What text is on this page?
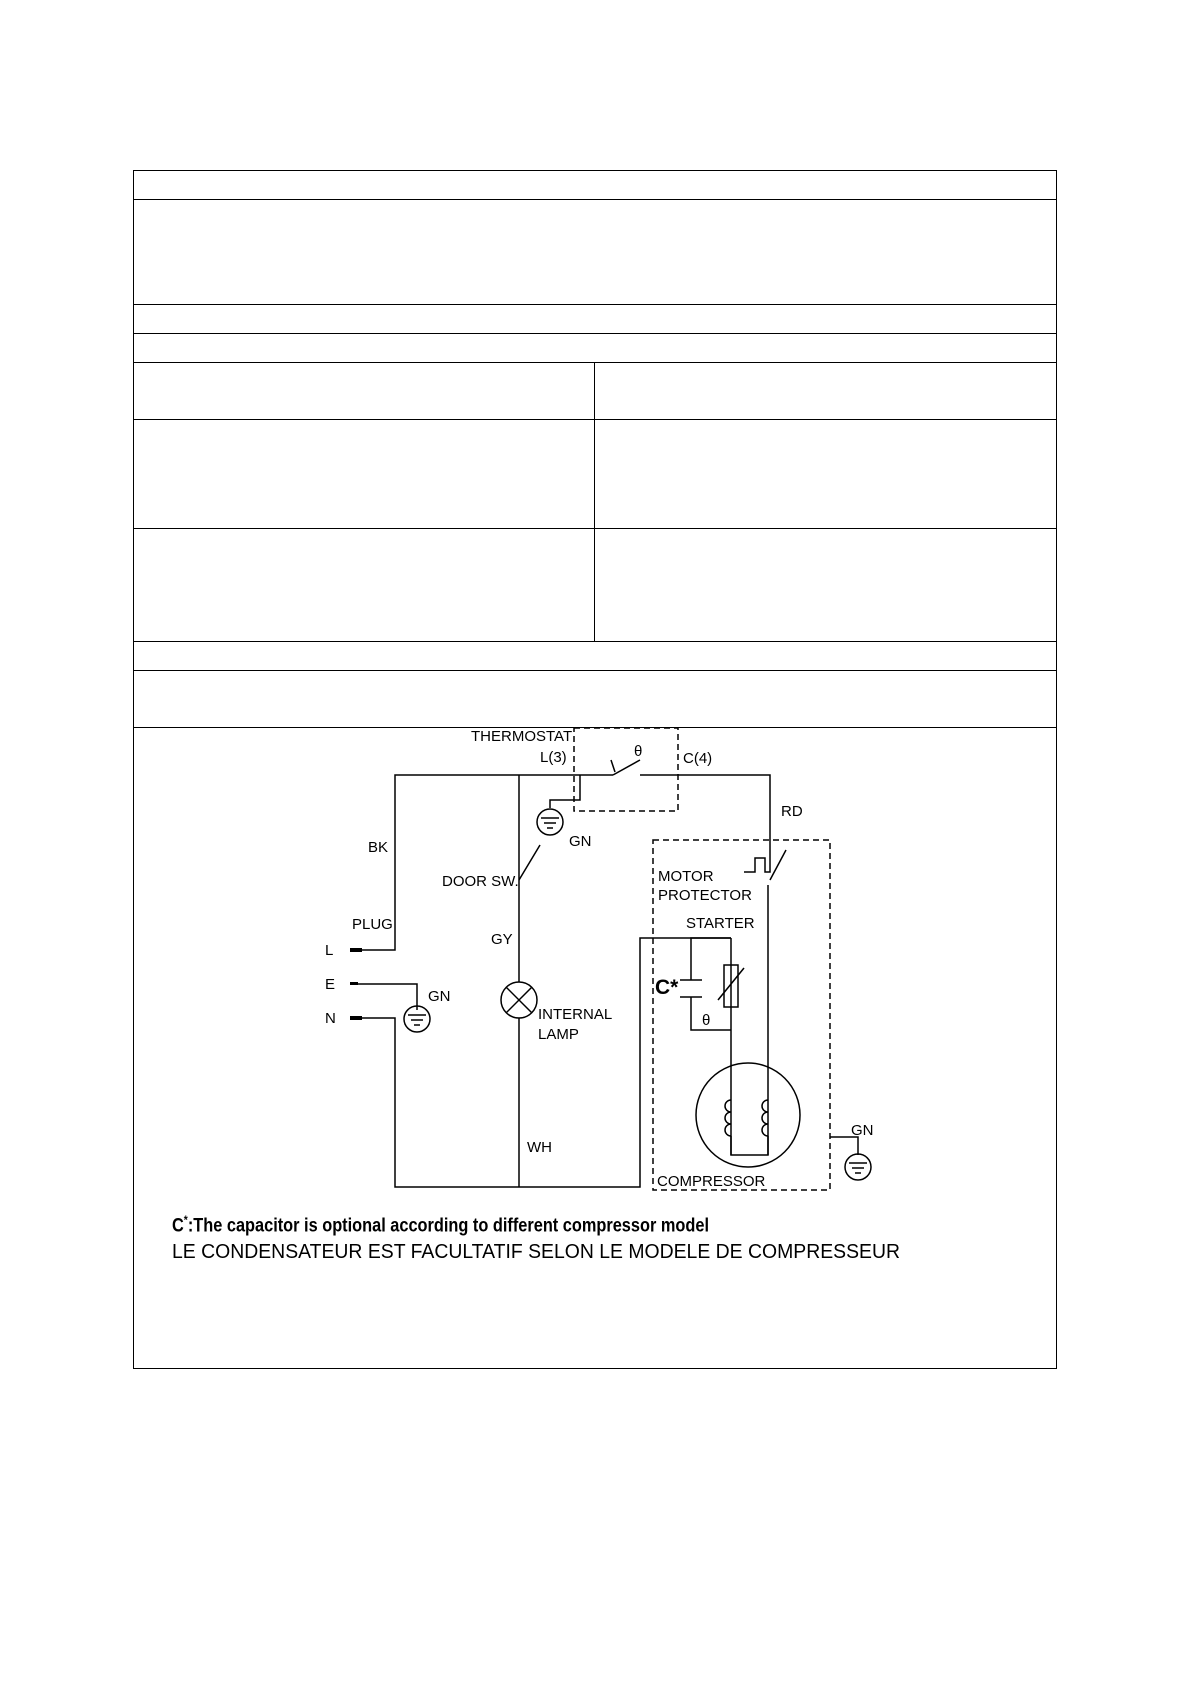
THERMOSTAT
L(3)	θ	C(4)
RD
GN
BK
DOOR SW.	MOTOR
PROTECTOR
STARTER
PLUG
L
E
N
GN
GY
C*
θ
INTERNAL
LAMP
WH
GN
COMPRESSOR
C*:The capacitor is optional according to different compressor model
LE CONDENSATEUR EST FACULTATIF SELON LE MODELE DE COMPRESSEUR
